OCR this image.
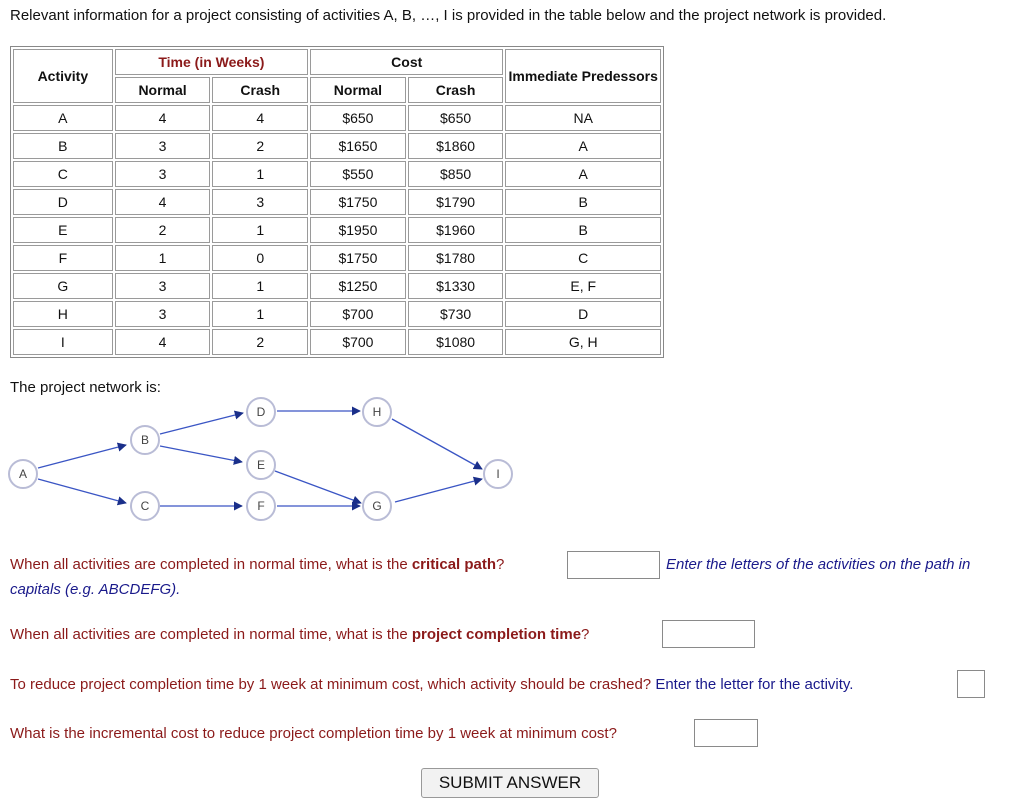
Relevant information for a project consisting of activities A, B, …, I is provided in the table below and the project network is provided.
Activity	Time (in Weeks)		Cost		Immediate Predessors
	Normal	Crash	Normal	Crash	
A	4	4	$650	$650	NA
B	3	2	$1650	$1860	A
C	3	1	$550	$850	A
D	4	3	$1750	$1790	B
E	2	1	$1950	$1960	B
F	1	0	$1750	$1780	C
G	3	1	$1250	$1330	E, F
H	3	1	$700	$730	D
I	4	2	$700	$1080	G, H
The project network is:
A
B
C
D
E
F	G
H
I
When all activities are completed in normal time, what is the critical path?	Enter the letters of the activities on the path in
capitals (e.g. ABCDEFG).
When all activities are completed in normal time, what is the project completion time?
To reduce project completion time by 1 week at minimum cost, which activity should be crashed? Enter the letter for the activity.
What is the incremental cost to reduce project completion time by 1 week at minimum cost?
SUBMIT ANSWER
